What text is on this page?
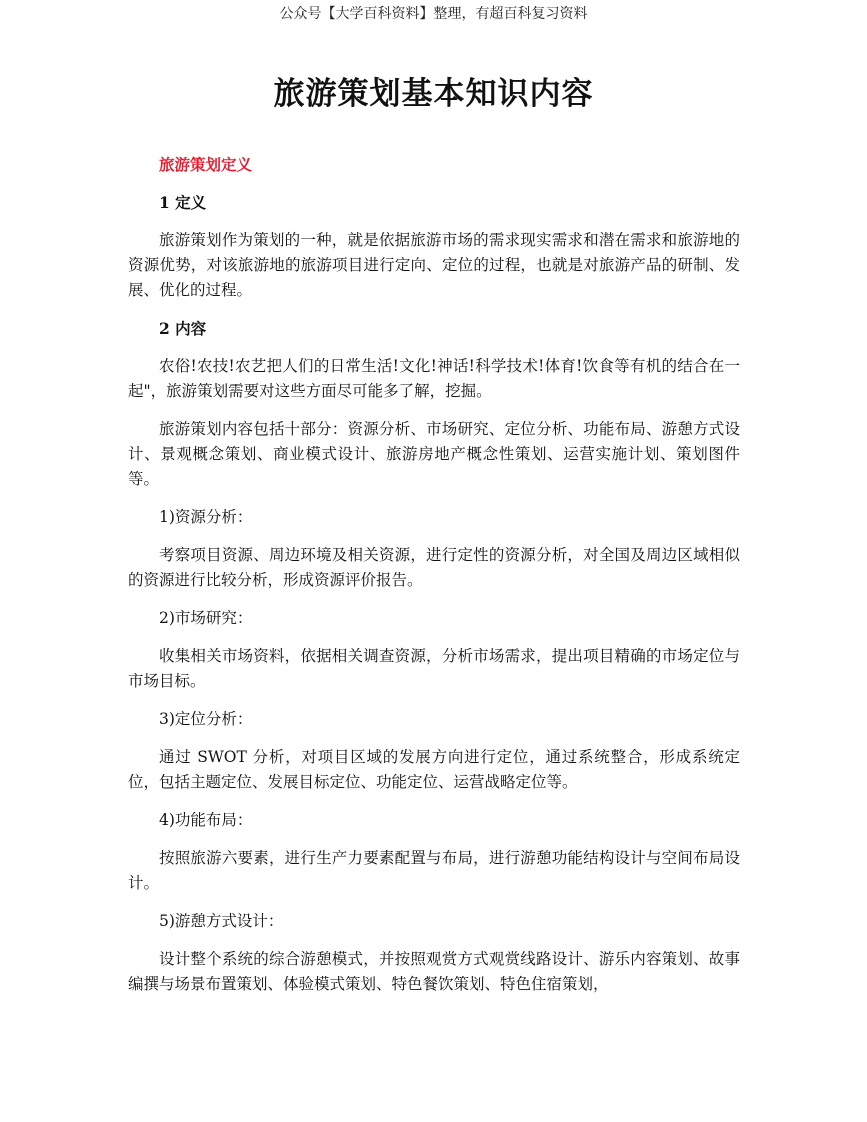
公众号【大学百科资料】整理，有超百科复习资料
旅游策划基本知识内容

旅游策划定义

1 定义

旅游策划作为策划的一种，就是依据旅游市场的需求现实需求和潜在需求和旅游地的资源优势，对该旅游地的旅游项目进行定向、定位的过程，也就是对旅游产品的研制、发展、优化的过程。

2 内容

农俗!农技!农艺把人们的日常生活!文化!神话!科学技术!体育!饮食等有机的结合在一起"，旅游策划需要对这些方面尽可能多了解，挖掘。

旅游策划内容包括十部分：资源分析、市场研究、定位分析、功能布局、游憩方式设计、景观概念策划、商业模式设计、旅游房地产概念性策划、运营实施计划、策划图件等。

1)资源分析：

考察项目资源、周边环境及相关资源，进行定性的资源分析，对全国及周边区域相似的资源进行比较分析，形成资源评价报告。

2)市场研究：

收集相关市场资料，依据相关调查资源，分析市场需求，提出项目精确的市场定位与市场目标。

3)定位分析：

通过 SWOT 分析，对项目区域的发展方向进行定位，通过系统整合，形成系统定位，包括主题定位、发展目标定位、功能定位、运营战略定位等。

4)功能布局：

按照旅游六要素，进行生产力要素配置与布局，进行游憩功能结构设计与空间布局设计。

5)游憩方式设计：

设计整个系统的综合游憩模式，并按照观赏方式观赏线路设计、游乐内容策划、故事编撰与场景布置策划、体验模式策划、特色餐饮策划、特色住宿策划，
